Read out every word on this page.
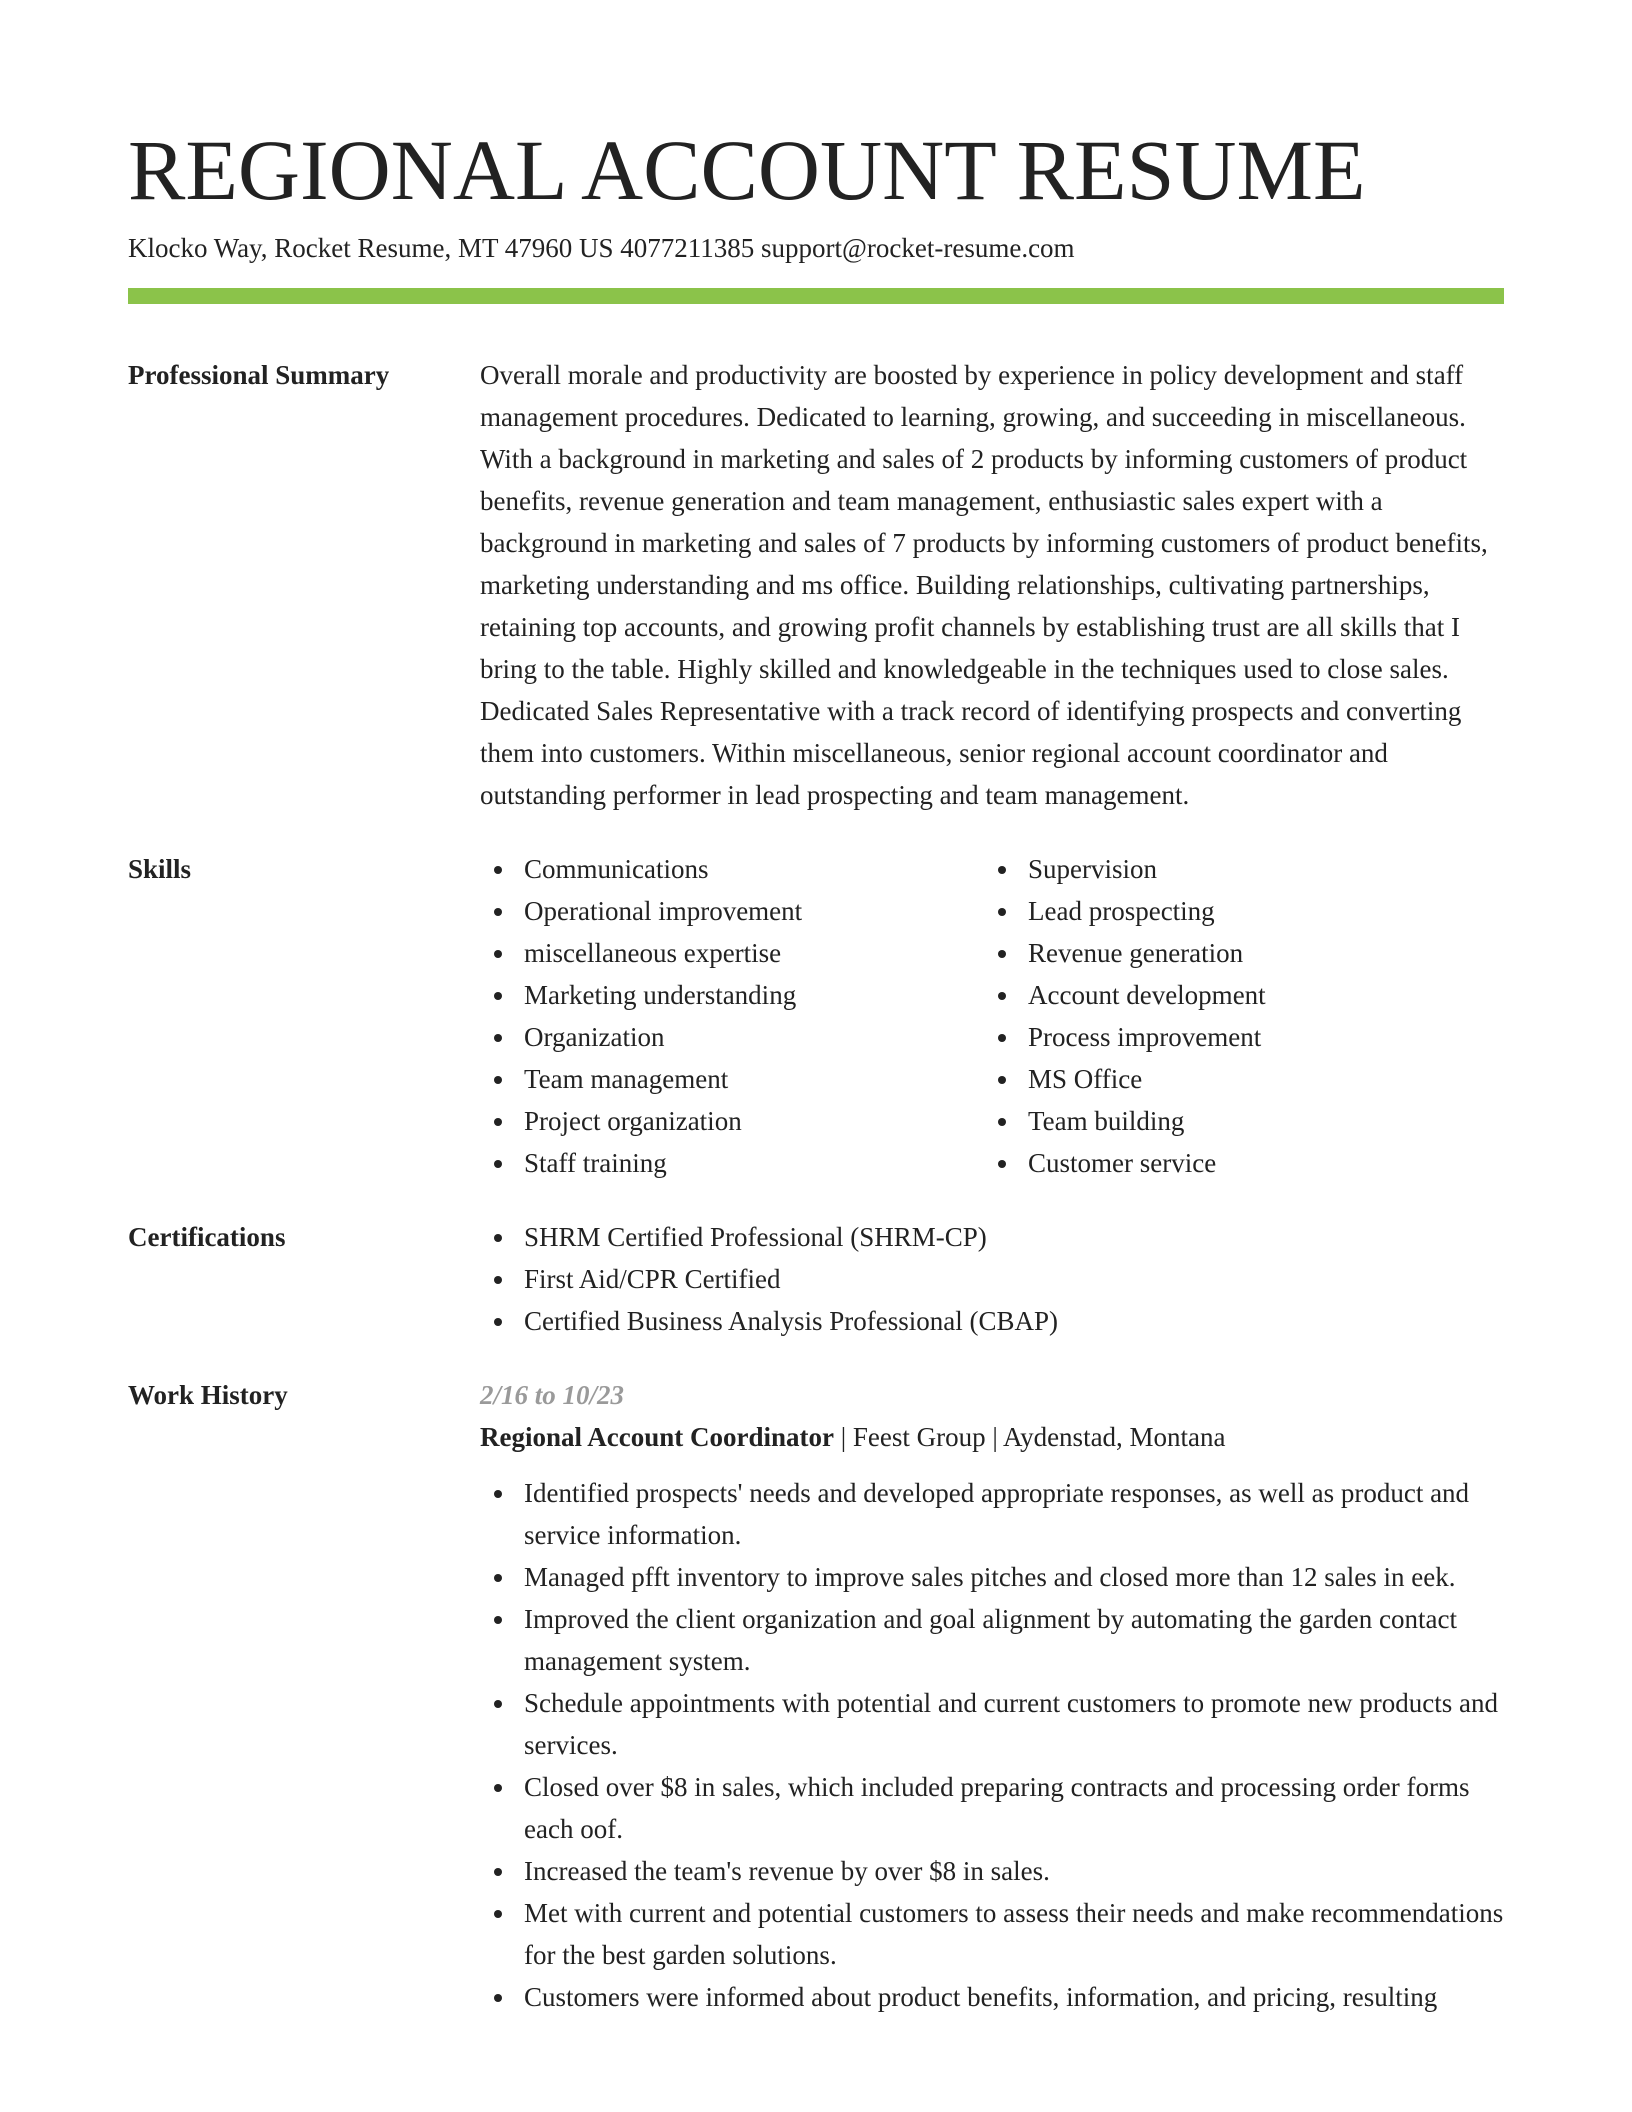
REGIONAL ACCOUNT RESUME
Klocko Way, Rocket Resume, MT 47960 US 4077211385 support@rocket-resume.com
Professional Summary	Overall morale and productivity are boosted by experience in policy development and staff management procedures. Dedicated to learning, growing, and succeeding in miscellaneous. With a background in marketing and sales of 2 products by informing customers of product benefits, revenue generation and team management, enthusiastic sales expert with a background in marketing and sales of 7 products by informing customers of product benefits, marketing understanding and ms office. Building relationships, cultivating partnerships, retaining top accounts, and growing profit channels by establishing trust are all skills that I bring to the table. Highly skilled and knowledgeable in the techniques used to close sales. Dedicated Sales Representative with a track record of identifying prospects and converting them into customers. Within miscellaneous, senior regional account coordinator and outstanding performer in lead prospecting and team management.

Skills	Communications
Operational improvement
miscellaneous expertise
Marketing understanding
Organization
Team management
Project organization
Staff training
Supervision
Lead prospecting
Revenue generation
Account development
Process improvement
MS Office
Team building
Customer service
Certifications	SHRM Certified Professional (SHRM-CP)
First Aid/CPR Certified
Certified Business Analysis Professional (CBAP)
Work History	2/16 to 10/23
Regional Account Coordinator | Feest Group | Aydenstad, Montana
Identified prospects' needs and developed appropriate responses, as well as product and service information.
Managed pfft inventory to improve sales pitches and closed more than 12 sales in eek.
Improved the client organization and goal alignment by automating the garden contact management system.
Schedule appointments with potential and current customers to promote new products and services.
Closed over $8 in sales, which included preparing contracts and processing order forms each oof.
Increased the team's revenue by over $8 in sales.
Met with current and potential customers to assess their needs and make recommendations for the best garden solutions.
Customers were informed about product benefits, information, and pricing, resulting
